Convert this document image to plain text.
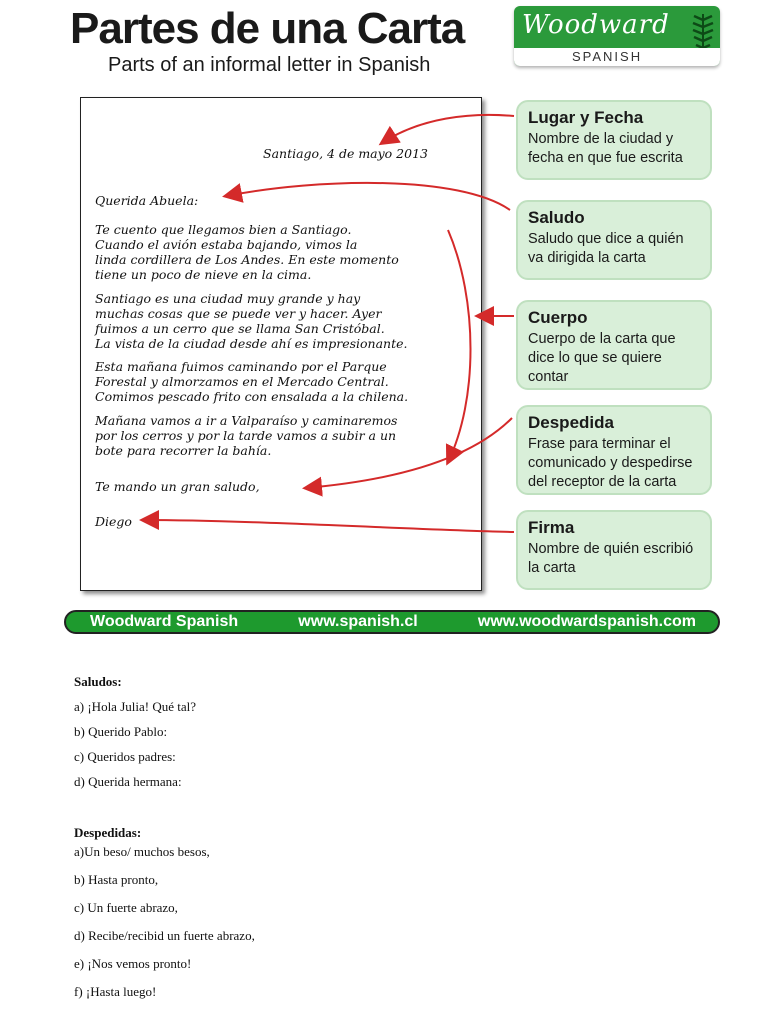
Partes de una Carta
Parts of an informal letter in Spanish
Woodward
SPANISH
Santiago, 4 de mayo 2013
Querida Abuela:
Te cuento que llegamos bien a Santiago.
Cuando el avión estaba bajando, vimos la
linda cordillera de Los Andes. En este momento
tiene un poco de nieve en la cima.
Santiago es una ciudad muy grande y hay
muchas cosas que se puede ver y hacer. Ayer
fuimos a un cerro que se llama San Cristóbal.
La vista de la ciudad desde ahí es impresionante.
Esta mañana fuimos caminando por el Parque
Forestal y almorzamos en el Mercado Central.
Comimos pescado frito con ensalada a la chilena.
Mañana vamos a ir a Valparaíso y caminaremos
por los cerros y por la tarde vamos a subir a un
bote para recorrer la bahía.
Te mando un gran saludo,
Diego
Lugar y Fecha
Nombre de la ciudad y
fecha en que fue escrita
Saludo
Saludo que dice a quién
va dirigida la carta
Cuerpo
Cuerpo de la carta que
dice lo que se quiere
contar
Despedida
Frase para terminar el
comunicado y despedirse
del receptor de la carta
Firma
Nombre de quién escribió
la carta
Woodward Spanish	www.spanish.cl	www.woodwardspanish.com
Saludos:
a) ¡Hola Julia! Qué tal?
b) Querido Pablo:
c) Queridos padres:
d) Querida hermana:
Despedidas:
a)Un beso/ muchos besos,
b) Hasta pronto,
c) Un fuerte abrazo,
d) Recibe/recibid un fuerte abrazo,
e) ¡Nos vemos pronto!
f) ¡Hasta luego!
